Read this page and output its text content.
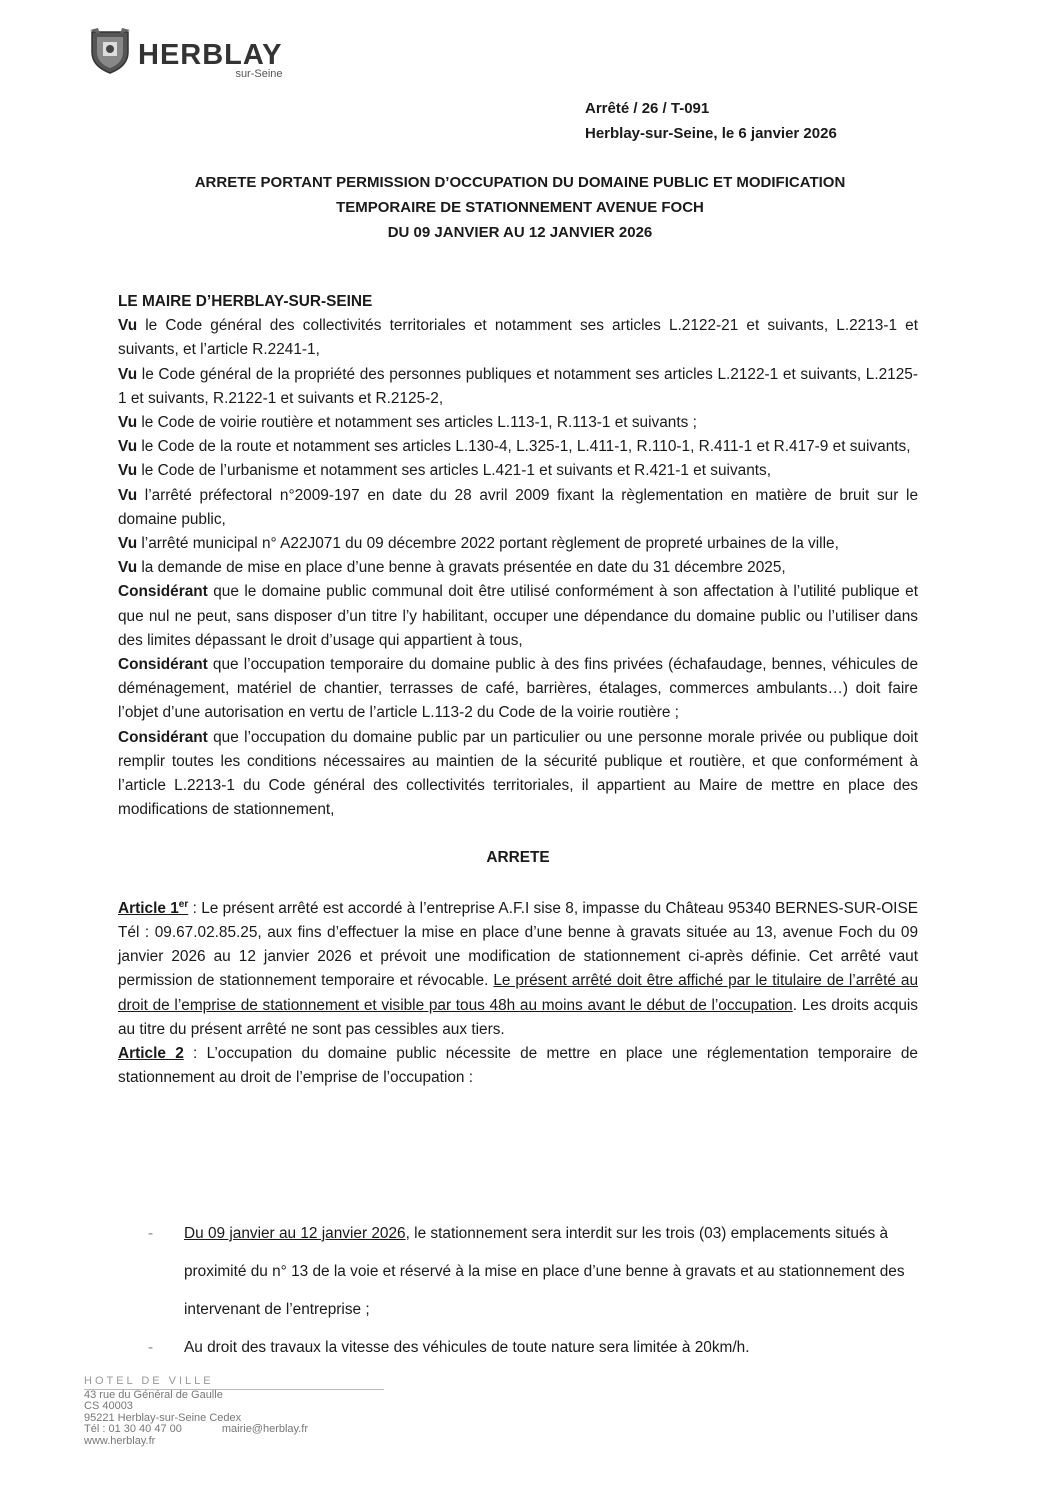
HERBLAY
sur-Seine
Arrêté / 26 / T-091
Herblay-sur-Seine, le 6 janvier 2026
ARRETE PORTANT PERMISSION D’OCCUPATION DU DOMAINE PUBLIC ET MODIFICATION
TEMPORAIRE DE STATIONNEMENT AVENUE FOCH
DU 09 JANVIER AU 12 JANVIER 2026

LE MAIRE D’HERBLAY-SUR-SEINE

Vu le Code général des collectivités territoriales et notamment ses articles L.2122-21 et suivants, L.2213-1 et suivants, et l’article R.2241-1,

Vu le Code général de la propriété des personnes publiques et notamment ses articles L.2122-1 et suivants, L.2125-1 et suivants, R.2122-1 et suivants et R.2125-2,

Vu le Code de voirie routière et notamment ses articles L.113-1, R.113-1 et suivants ;

Vu le Code de la route et notamment ses articles L.130-4, L.325-1, L.411-1, R.110-1, R.411-1 et R.417-9 et suivants,

Vu le Code de l’urbanisme et notamment ses articles L.421-1 et suivants et R.421-1 et suivants,

Vu l’arrêté préfectoral n°2009-197 en date du 28 avril 2009 fixant la règlementation en matière de bruit sur le domaine public,

Vu l’arrêté municipal n° A22J071 du 09 décembre 2022 portant règlement de propreté urbaines de la ville,

Vu la demande de mise en place d’une benne à gravats présentée en date du 31 décembre 2025,

Considérant que le domaine public communal doit être utilisé conformément à son affectation à l’utilité publique et que nul ne peut, sans disposer d’un titre l’y habilitant, occuper une dépendance du domaine public ou l’utiliser dans des limites dépassant le droit d’usage qui appartient à tous,

Considérant que l’occupation temporaire du domaine public à des fins privées (échafaudage, bennes, véhicules de déménagement, matériel de chantier, terrasses de café, barrières, étalages, commerces ambulants…) doit faire l’objet d’une autorisation en vertu de l’article L.113-2 du Code de la voirie routière ;

Considérant que l’occupation du domaine public par un particulier ou une personne morale privée ou publique doit remplir toutes les conditions nécessaires au maintien de la sécurité publique et routière, et que conformément à l’article L.2213-1 du Code général des collectivités territoriales, il appartient au Maire de mettre en place des modifications de stationnement,

ARRETE

Article 1er : Le présent arrêté est accordé à l’entreprise A.F.I sise 8, impasse du Château 95340 BERNES-SUR-OISE Tél : 09.67.02.85.25, aux fins d’effectuer la mise en place d’une benne à gravats située au 13, avenue Foch du 09 janvier 2026 au 12 janvier 2026 et prévoit une modification de stationnement ci-après définie. Cet arrêté vaut permission de stationnement temporaire et révocable. Le présent arrêté doit être affiché par le titulaire de l’arrêté au droit de l’emprise de stationnement et visible par tous 48h au moins avant le début de l’occupation. Les droits acquis au titre du présent arrêté ne sont pas cessibles aux tiers.

Article 2 : L’occupation du domaine public nécessite de mettre en place une réglementation temporaire de stationnement au droit de l’emprise de l’occupation :

-	Du 09 janvier au 12 janvier 2026, le stationnement sera interdit sur les trois (03) emplacements situés à proximité du n° 13 de la voie et réservé à la mise en place d’une benne à gravats et au stationnement des intervenant de l’entreprise ;
-	Au droit des travaux la vitesse des véhicules de toute nature sera limitée à 20km/h.
HOTEL DE VILLE
43 rue du Général de Gaulle
CS 40003
95221 Herblay-sur-Seine Cedex
Tél : 01 30 40 47 00	mairie@herblay.fr
www.herblay.fr
